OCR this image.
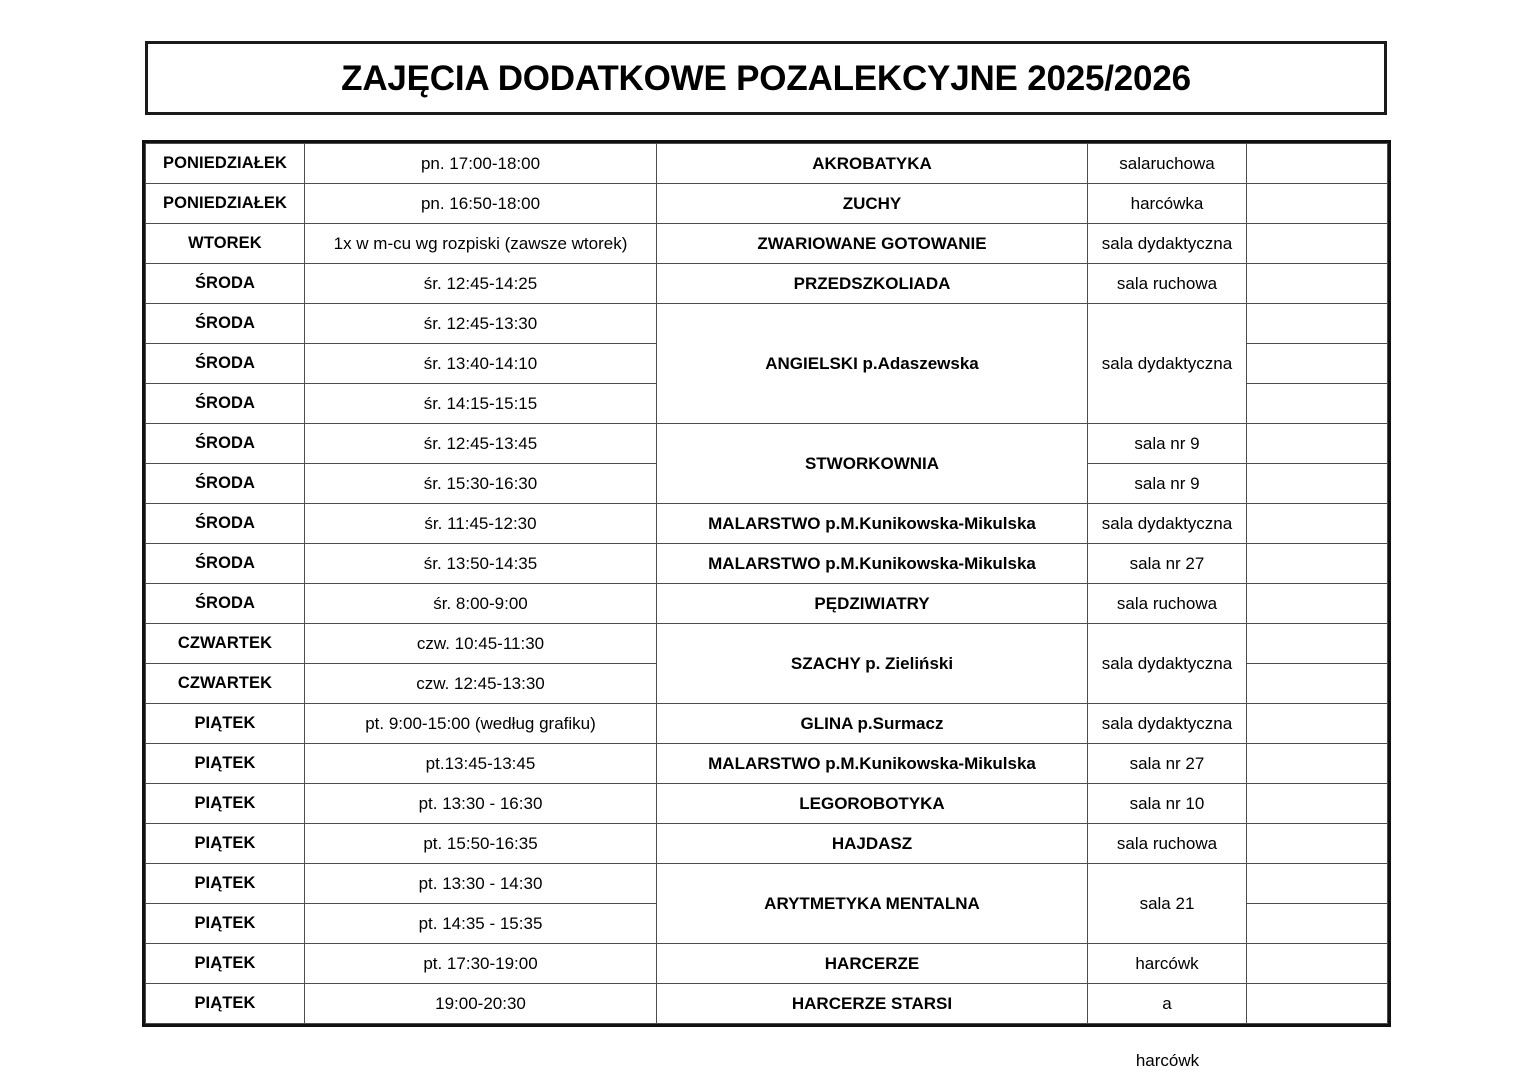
ZAJĘCIA DODATKOWE POZALEKCYJNE 2025/2026
PONIEDZIAŁEK	pn. 17:00-18:00	AKROBATYKA	salaruchowa	
PONIEDZIAŁEK	pn. 16:50-18:00	ZUCHY	harcówka	
WTOREK	1x w m-cu wg rozpiski (zawsze wtorek)	ZWARIOWANE GOTOWANIE	sala dydaktyczna	
ŚRODA	śr. 12:45-14:25	PRZEDSZKOLIADA	sala ruchowa	
ŚRODA	śr. 12:45-13:30	ANGIELSKI p.Adaszewska	sala dydaktyczna	
ŚRODA	śr. 13:40-14:10			
ŚRODA	śr. 14:15-15:15			
ŚRODA	śr. 12:45-13:45	STWORKOWNIA	sala nr 9	
ŚRODA	śr. 15:30-16:30		sala nr 9	
ŚRODA	śr. 11:45-12:30	MALARSTWO p.M.Kunikowska-Mikulska	sala dydaktyczna	
ŚRODA	śr. 13:50-14:35	MALARSTWO p.M.Kunikowska-Mikulska	sala nr 27	
ŚRODA	śr. 8:00-9:00	PĘDZIWIATRY	sala ruchowa	
CZWARTEK	czw. 10:45-11:30	SZACHY p. Zieliński	sala dydaktyczna	
CZWARTEK	czw. 12:45-13:30			
PIĄTEK	pt. 9:00-15:00 (według grafiku)	GLINA p.Surmacz	sala dydaktyczna	
PIĄTEK	pt.13:45-13:45	MALARSTWO p.M.Kunikowska-Mikulska	sala nr 27	
PIĄTEK	pt. 13:30 - 16:30	LEGOROBOTYKA	sala nr 10	
PIĄTEK	pt. 15:50-16:35	HAJDASZ	sala ruchowa	
PIĄTEK	pt. 13:30 - 14:30	ARYTMETYKA MENTALNA	sala 21	
PIĄTEK	pt. 14:35 - 15:35			
PIĄTEK	pt. 17:30-19:00	HARCERZE	harcówk	
PIĄTEK	19:00-20:30	HARCERZE STARSI	a	
harcówk
